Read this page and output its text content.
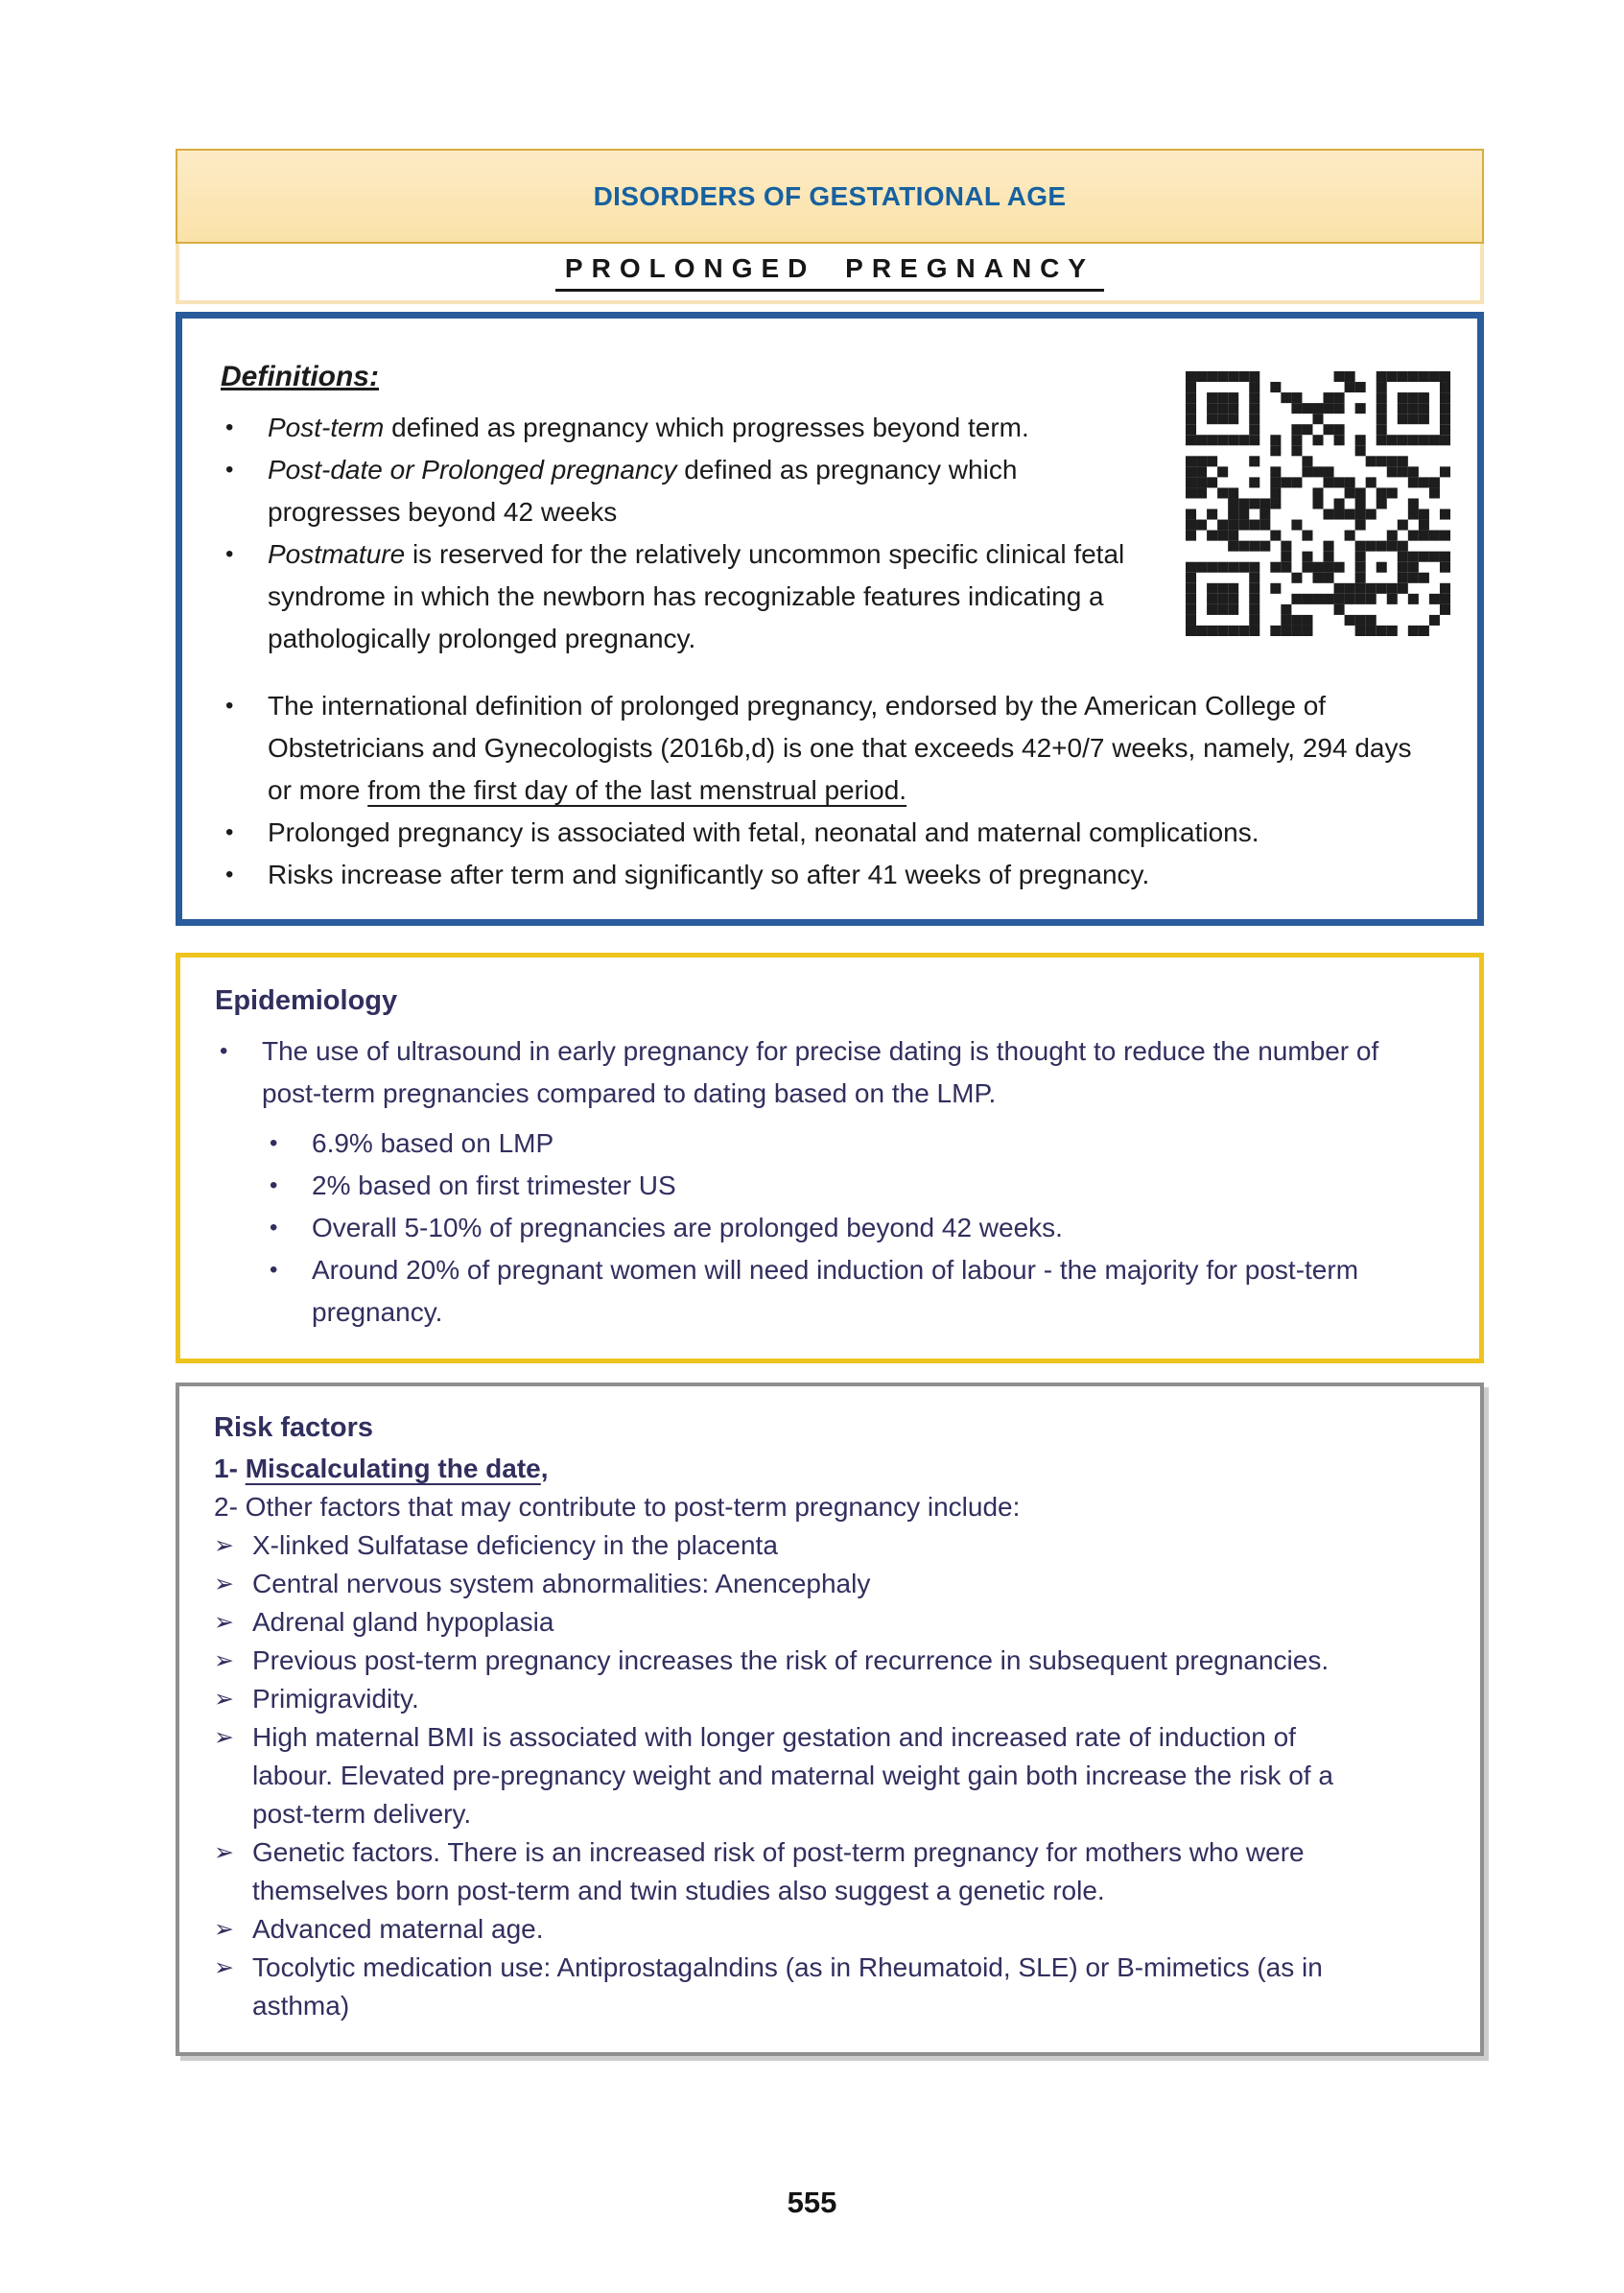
DISORDERS OF GESTATIONAL AGE
PROLONGED PREGNANCY
Definitions:
•	Post-term defined as pregnancy which progresses beyond term.
•	Post-date or Prolonged pregnancy defined as pregnancy which progresses beyond 42 weeks
•	Postmature is reserved for the relatively uncommon specific clinical fetal syndrome in which the newborn has recognizable features indicating a pathologically prolonged pregnancy.
•	The international definition of prolonged pregnancy, endorsed by the American College of Obstetricians and Gynecologists (2016b,d) is one that exceeds 42+0/7 weeks, namely, 294 days or more from the first day of the last menstrual period.
•	Prolonged pregnancy is associated with fetal, neonatal and maternal complications.
•	Risks increase after term and significantly so after 41 weeks of pregnancy.
Epidemiology
•	The use of ultrasound in early pregnancy for precise dating is thought to reduce the number of post-term pregnancies compared to dating based on the LMP.
•	6.9% based on LMP
•	2% based on first trimester US
•	Overall 5-10% of pregnancies are prolonged beyond 42 weeks.
•	Around 20% of pregnant women will need induction of labour - the majority for post-term pregnancy.
Risk factors
1- Miscalculating the date,
2- Other factors that may contribute to post-term pregnancy include:
➢ X-linked Sulfatase deficiency in the placenta
➢ Central nervous system abnormalities: Anencephaly
➢ Adrenal gland hypoplasia
➢ Previous post-term pregnancy increases the risk of recurrence in subsequent pregnancies.
➢ Primigravidity.
➢ High maternal BMI is associated with longer gestation and increased rate of induction of labour. Elevated pre-pregnancy weight and maternal weight gain both increase the risk of a post-term delivery.
➢ Genetic factors. There is an increased risk of post-term pregnancy for mothers who were themselves born post-term and twin studies also suggest a genetic role.
➢ Advanced maternal age.
➢ Tocolytic medication use: Antiprostagalndins (as in Rheumatoid, SLE) or B-mimetics (as in asthma)
555
